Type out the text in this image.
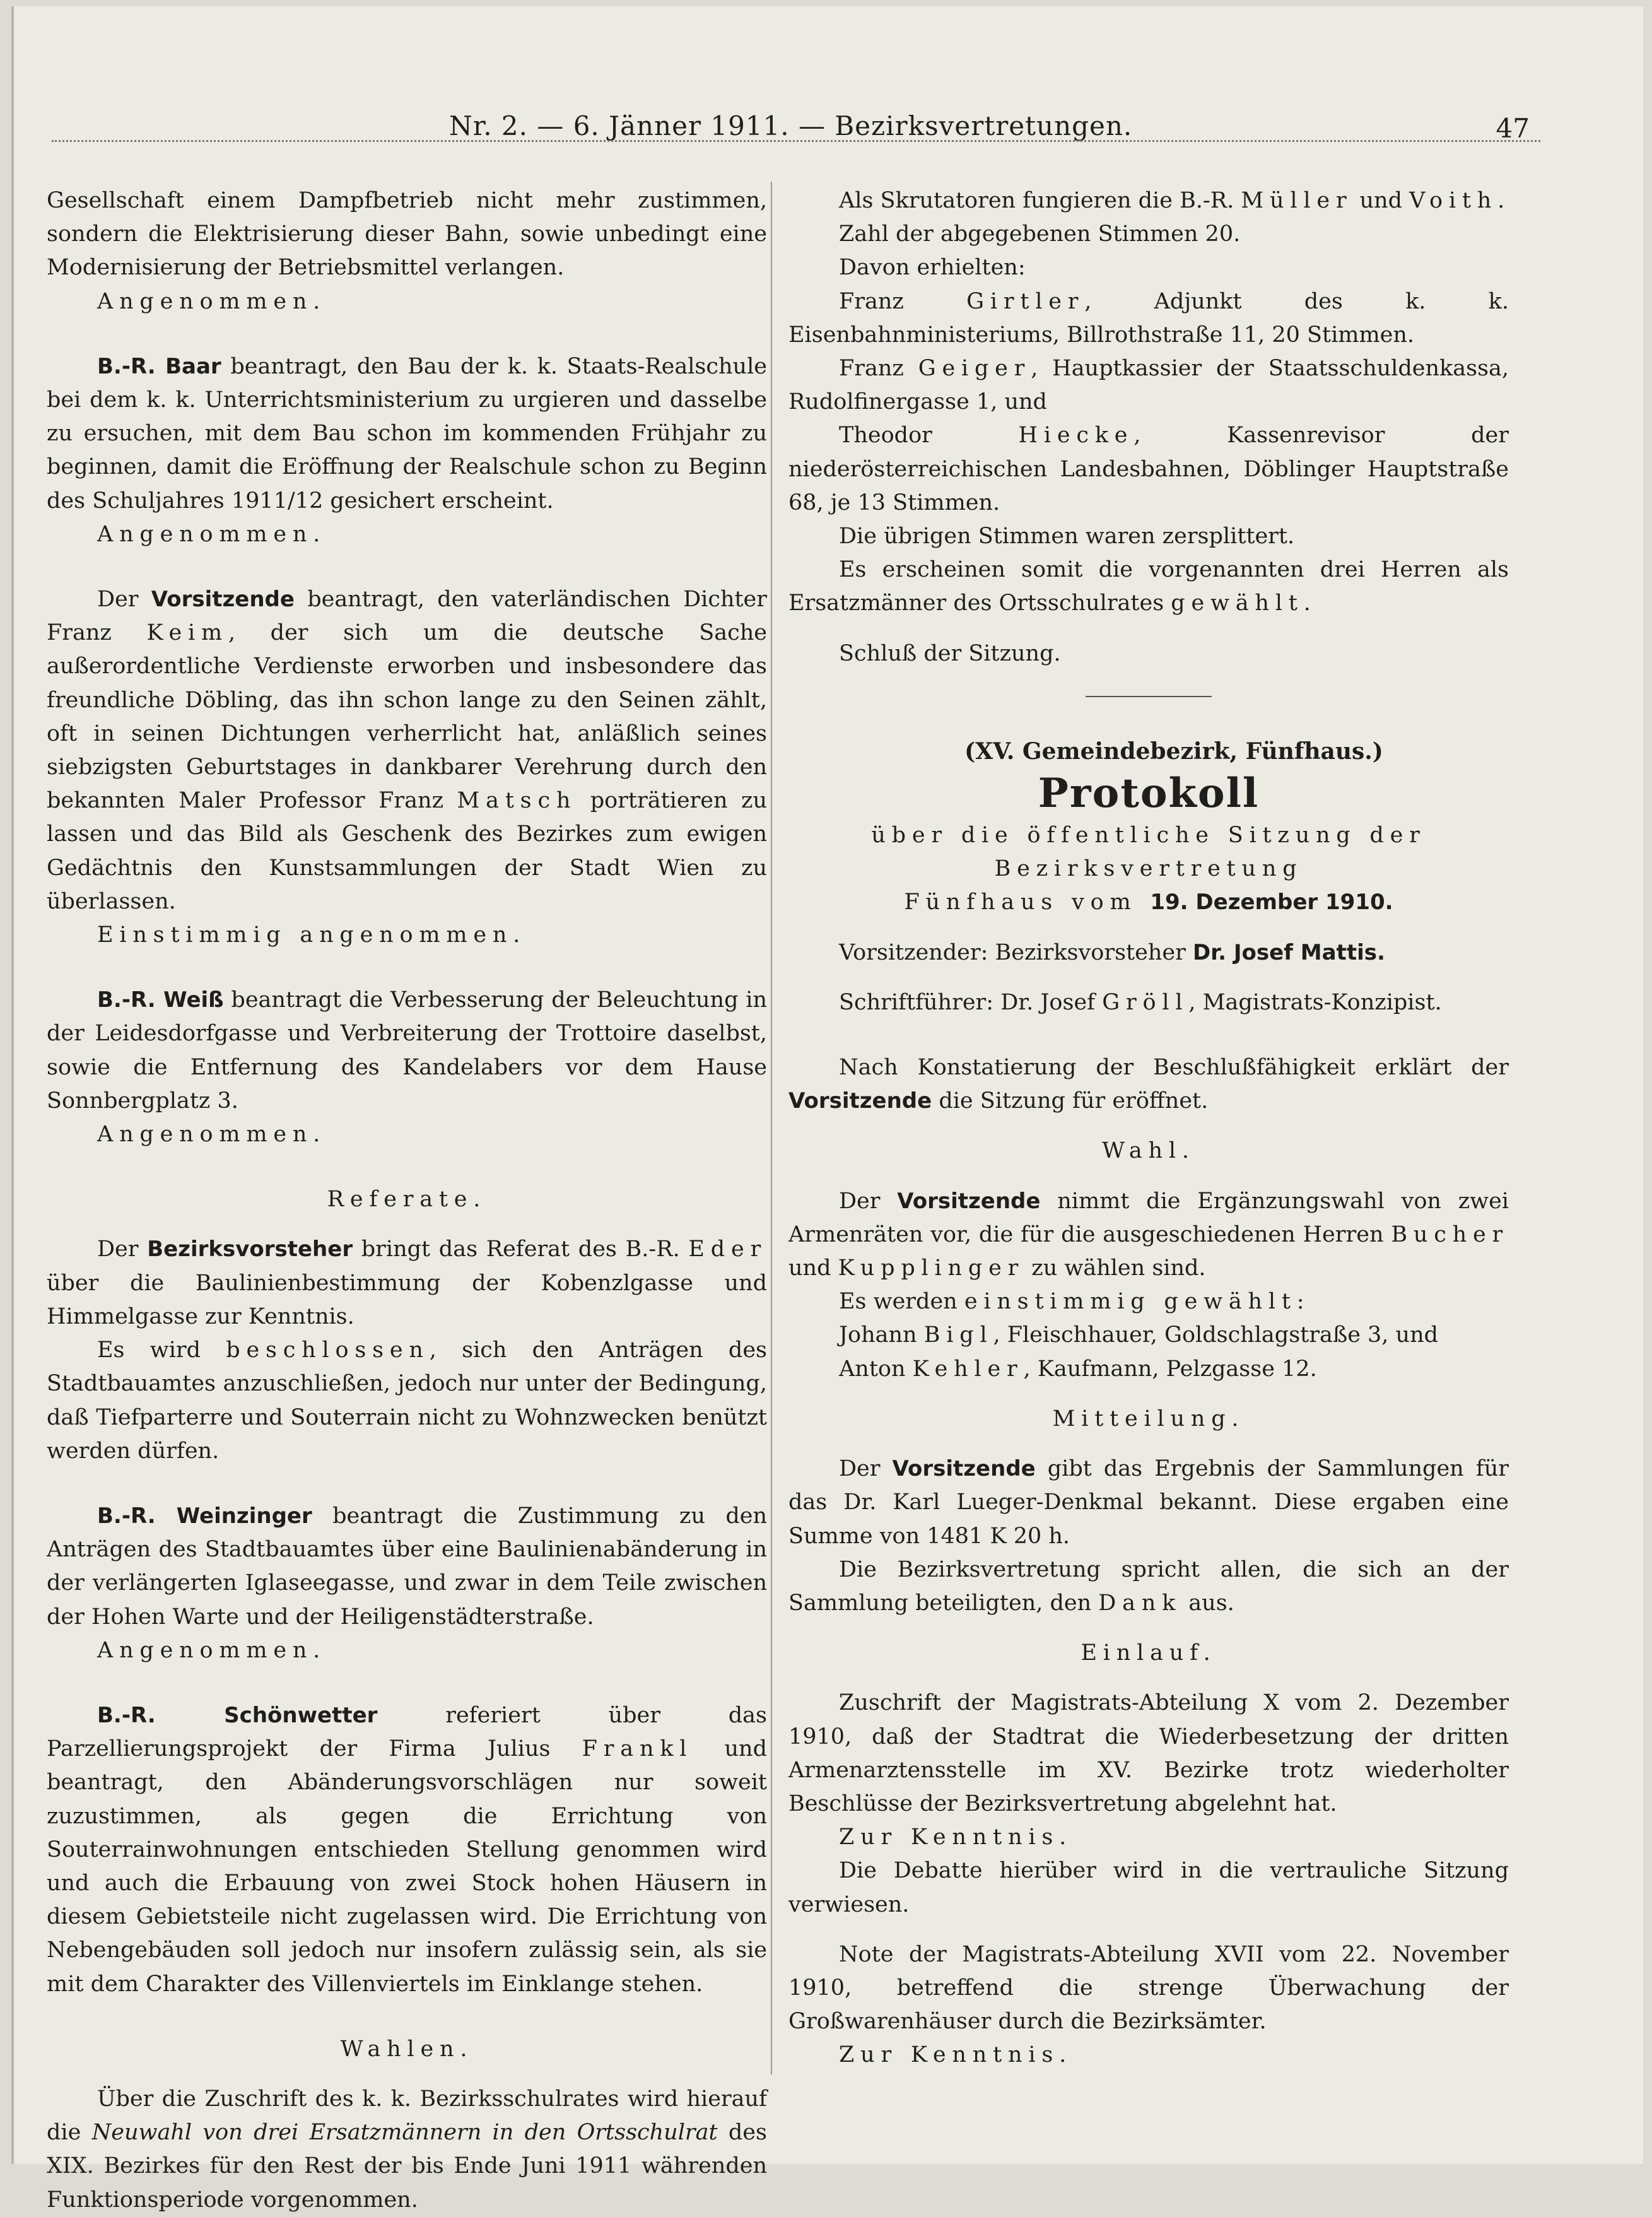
Nr. 2. — 6. Jänner 1911. — Bezirksvertretungen.	47

Gesellschaft einem Dampfbetrieb nicht mehr zustimmen, sondern die Elektrisierung dieser Bahn, sowie unbedingt eine Modernisierung der Betriebsmittel verlangen.

Angenommen.

B.-R. Baar beantragt, den Bau der k. k. Staats-Realschule bei dem k. k. Unterrichtsministerium zu urgieren und dasselbe zu ersuchen, mit dem Bau schon im kommenden Frühjahr zu beginnen, damit die Eröffnung der Realschule schon zu Beginn des Schuljahres 1911/12 gesichert erscheint.

Angenommen.

Der Vorsitzende beantragt, den vaterländischen Dichter Franz Keim, der sich um die deutsche Sache außerordentliche Verdienste erworben und insbesondere das freundliche Döbling, das ihn schon lange zu den Seinen zählt, oft in seinen Dichtungen verherrlicht hat, anläßlich seines siebzigsten Geburtstages in dankbarer Verehrung durch den bekannten Maler Professor Franz Matsch porträtieren zu lassen und das Bild als Geschenk des Bezirkes zum ewigen Gedächtnis den Kunstsammlungen der Stadt Wien zu überlassen.

Einstimmig angenommen.

B.-R. Weiß beantragt die Verbesserung der Beleuchtung in der Leidesdorfgasse und Verbreiterung der Trottoire daselbst, sowie die Entfernung des Kandelabers vor dem Hause Sonnbergplatz 3.

Angenommen.

Referate.

Der Bezirksvorsteher bringt das Referat des B.-R. Eder über die Baulinienbestimmung der Kobenzlgasse und Himmelgasse zur Kenntnis.

Es wird beschlossen, sich den Anträgen des Stadtbauamtes anzuschließen, jedoch nur unter der Bedingung, daß Tiefparterre und Souterrain nicht zu Wohnzwecken benützt werden dürfen.

B.-R. Weinzinger beantragt die Zustimmung zu den Anträgen des Stadtbauamtes über eine Baulinienabänderung in der verlängerten Iglaseegasse, und zwar in dem Teile zwischen der Hohen Warte und der Heiligenstädterstraße.

Angenommen.

B.-R. Schönwetter referiert über das Parzellierungsprojekt der Firma Julius Frankl und beantragt, den Abänderungsvorschlägen nur soweit zuzustimmen, als gegen die Errichtung von Souterrainwohnungen entschieden Stellung genommen wird und auch die Erbauung von zwei Stock hohen Häusern in diesem Gebietsteile nicht zugelassen wird. Die Errichtung von Nebengebäuden soll jedoch nur insofern zulässig sein, als sie mit dem Charakter des Villenviertels im Einklange stehen.

Wahlen.

Über die Zuschrift des k. k. Bezirksschulrates wird hierauf die Neuwahl von drei Ersatzmännern in den Ortsschulrat des XIX. Bezirkes für den Rest der bis Ende Juni 1911 währenden Funktionsperiode vorgenommen.

Als Skrutatoren fungieren die B.-R. Müller und Voith.

Zahl der abgegebenen Stimmen 20.

Davon erhielten:

Franz Girtler, Adjunkt des k. k. Eisenbahnministeriums, Billrothstraße 11, 20 Stimmen.

Franz Geiger, Hauptkassier der Staatsschuldenkassa, Rudolfinergasse 1, und

Theodor Hiecke, Kassenrevisor der niederösterreichischen Landesbahnen, Döblinger Hauptstraße 68, je 13 Stimmen.

Die übrigen Stimmen waren zersplittert.

Es erscheinen somit die vorgenannten drei Herren als Ersatzmänner des Ortsschulrates gewählt.

Schluß der Sitzung.

(XV. Gemeindebezirk, Fünfhaus.)

Protokoll

über die öffentliche Sitzung der Bezirksvertretung

Fünfhaus vom 19. Dezember 1910.

Vorsitzender: Bezirksvorsteher Dr. Josef Mattis.

Schriftführer: Dr. Josef Gröll, Magistrats-Konzipist.

Nach Konstatierung der Beschlußfähigkeit erklärt der Vorsitzende die Sitzung für eröffnet.

Wahl.

Der Vorsitzende nimmt die Ergänzungswahl von zwei Armenräten vor, die für die ausgeschiedenen Herren Bucher und Kupplinger zu wählen sind.

Es werden einstimmig gewählt:

Johann Bigl, Fleischhauer, Goldschlagstraße 3, und

Anton Kehler, Kaufmann, Pelzgasse 12.

Mitteilung.

Der Vorsitzende gibt das Ergebnis der Sammlungen für das Dr. Karl Lueger-Denkmal bekannt. Diese ergaben eine Summe von 1481 K 20 h.

Die Bezirksvertretung spricht allen, die sich an der Sammlung beteiligten, den Dank aus.

Einlauf.

Zuschrift der Magistrats-Abteilung X vom 2. Dezember 1910, daß der Stadtrat die Wiederbesetzung der dritten Armenarztensstelle im XV. Bezirke trotz wiederholter Beschlüsse der Bezirksvertretung abgelehnt hat.

Zur Kenntnis.

Die Debatte hierüber wird in die vertrauliche Sitzung verwiesen.

Note der Magistrats-Abteilung XVII vom 22. November 1910, betreffend die strenge Überwachung der Großwarenhäuser durch die Bezirksämter.

Zur Kenntnis.
